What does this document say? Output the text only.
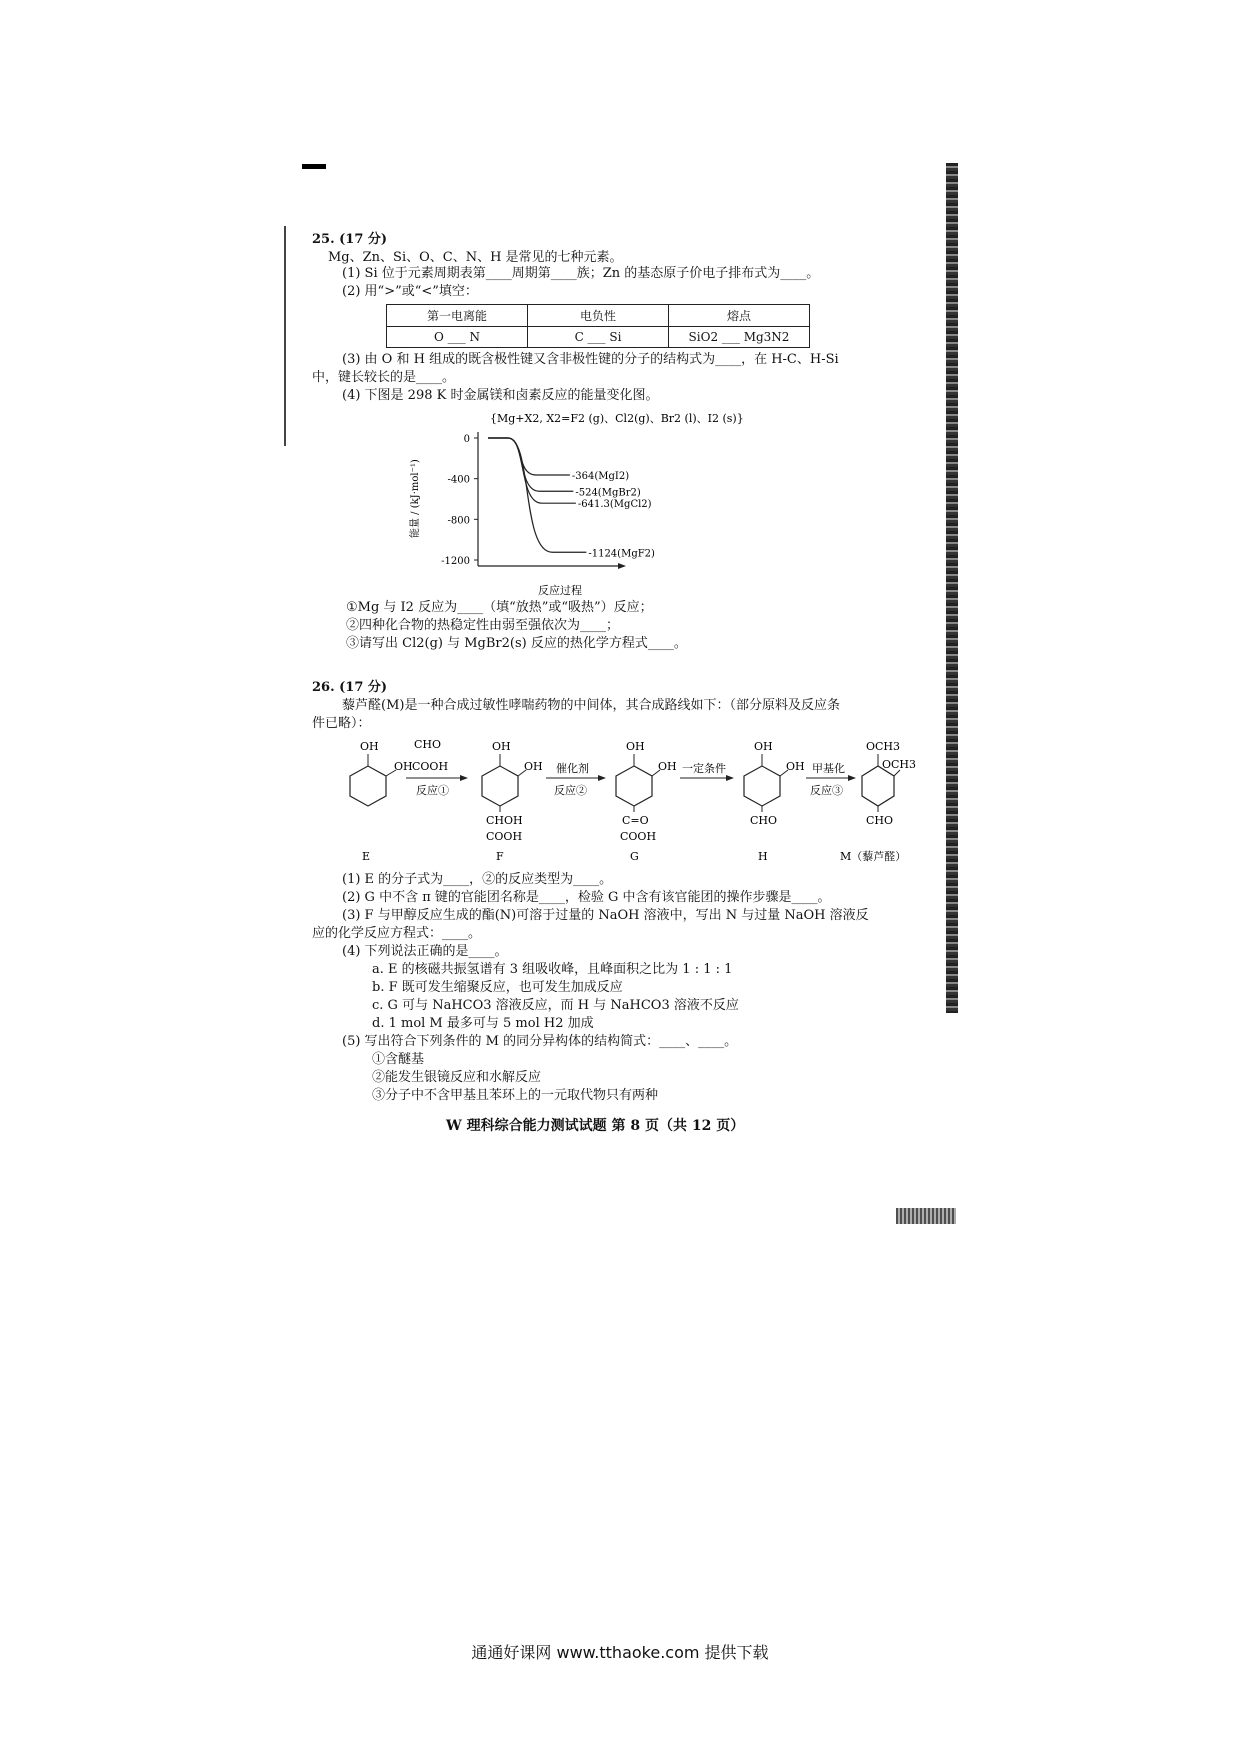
25. (17 分)
Mg、Zn、Si、O、C、N、H 是常见的七种元素。
(1) Si 位于元素周期表第____周期第____族；Zn 的基态原子价电子排布式为____。
(2) 用“>”或“<”填空：
第一电离能	电负性	熔点
O ___ N	C ___ Si	SiO2 ___ Mg3N2
(3) 由 O 和 H 组成的既含极性键又含非极性键的分子的结构式为____，在 H-C、H-Si
中，键长较长的是____。
(4) 下图是 298 K 时金属镁和卤素反应的能量变化图。
{Mg+X2, X2=F2 (g)、Cl2(g)、Br2 (l)、I2 (s)}
能量 / (kJ·mol⁻¹)
反应过程
0
-400
-800
-1200
-364(MgI2)
-524(MgBr2)
-641.3(MgCl2)
-1124(MgF2)
①Mg 与 I2 反应为____（填“放热”或“吸热”）反应；
②四种化合物的热稳定性由弱至强依次为____；
③请写出 Cl2(g) 与 MgBr2(s) 反应的热化学方程式____。
26. (17 分)
藜芦醛(M)是一种合成过敏性哮喘药物的中间体，其合成路线如下：（部分原料及反应条
件已略）：
OH
OH
E
CHO
COOH
反应①
OH
OH
CHOH
COOH
F
催化剂
反应②
OH
OH
C=O
COOH
G
一定条件
OH
OH
CHO
H
甲基化
反应③
OCH3
OCH3
CHO
M（藜芦醛）
(1) E 的分子式为____，②的反应类型为____。
(2) G 中不含 π 键的官能团名称是____，检验 G 中含有该官能团的操作步骤是____。
(3) F 与甲醇反应生成的酯(N)可溶于过量的 NaOH 溶液中，写出 N 与过量 NaOH 溶液反
应的化学反应方程式：____。
(4) 下列说法正确的是____。
a. E 的核磁共振氢谱有 3 组吸收峰，且峰面积之比为 1 : 1 : 1
b. F 既可发生缩聚反应，也可发生加成反应
c. G 可与 NaHCO3 溶液反应，而 H 与 NaHCO3 溶液不反应
d. 1 mol M 最多可与 5 mol H2 加成
(5) 写出符合下列条件的 M 的同分异构体的结构简式：____、____。
①含醚基
②能发生银镜反应和水解反应
③分子中不含甲基且苯环上的一元取代物只有两种
W 理科综合能力测试试题 第 8 页（共 12 页）
通通好课网 www.tthaoke.com 提供下载
